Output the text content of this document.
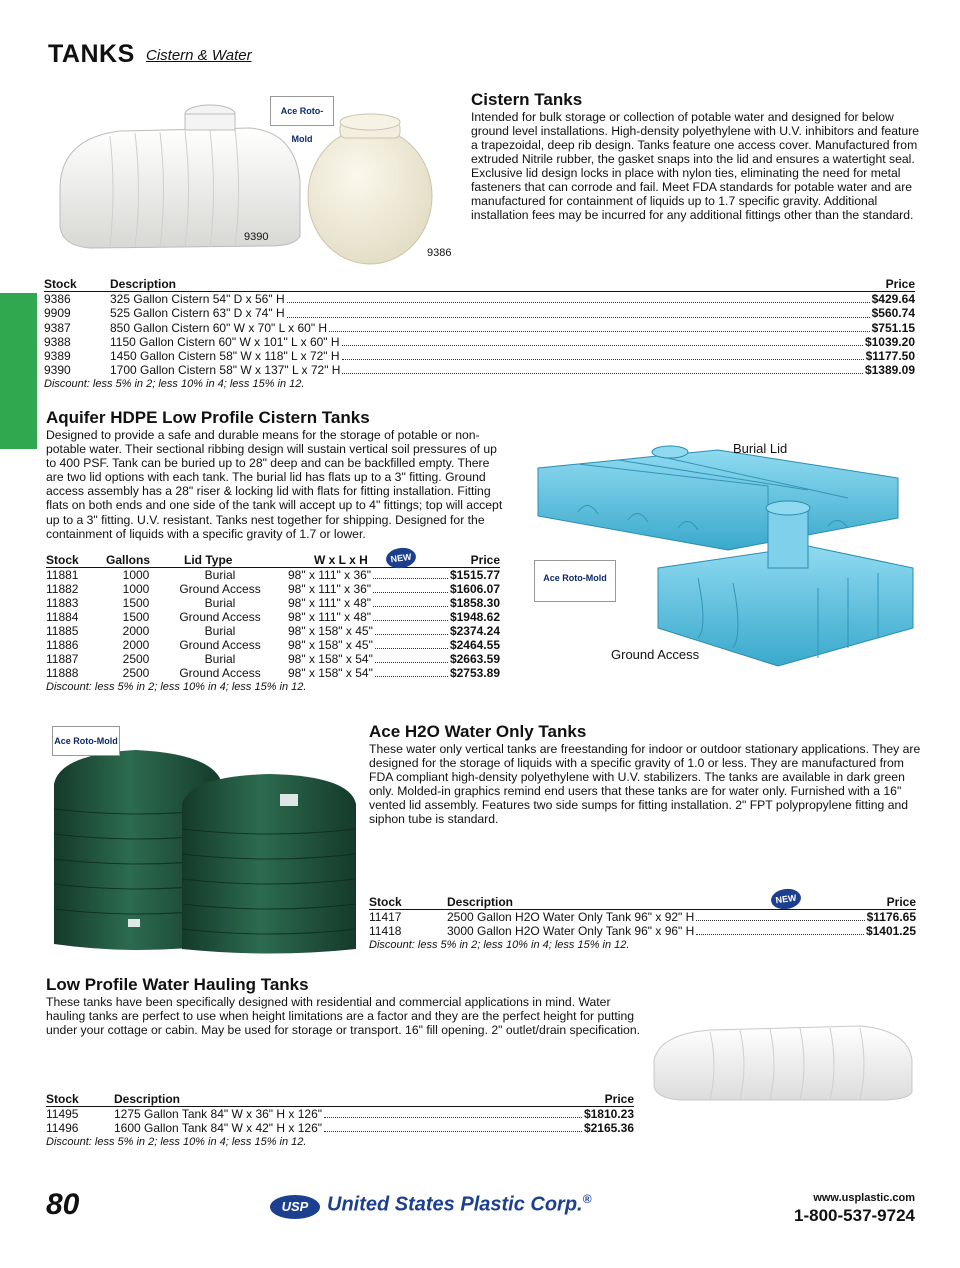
TANKS Cistern & Water
Ace Roto-Mold
9390
9386
Cistern Tanks

Intended for bulk storage or collection of potable water and designed for below ground level installations. High-density polyethylene with U.V. inhibitors and feature a trapezoidal, deep rib design. Tanks feature one access cover. Manufactured from extruded Nitrile rubber, the gasket snaps into the lid and ensures a watertight seal. Exclusive lid design locks in place with nylon ties, eliminating the need for metal fasteners that can corrode and fail. Meet FDA standards for potable water and are manufactured for containment of liquids up to 1.7 specific gravity. Additional installation fees may be incurred for any additional fittings other than the standard.

Stock	Description	Price
9386	325 Gallon Cistern 54" D x 56" H	$429.64
9909	525 Gallon Cistern 63" D x 74" H	$560.74
9387	850 Gallon Cistern 60" W x 70" L x 60" H	$751.15
9388	1150 Gallon Cistern 60" W x 101" L x 60" H	$1039.20
9389	1450 Gallon Cistern 58" W x 118" L x 72" H	$1177.50
9390	1700 Gallon Cistern 58" W x 137" L x 72" H	$1389.09
Discount: less 5% in 2; less 10% in 4; less 15% in 12.
Aquifer HDPE Low Profile Cistern Tanks

Designed to provide a safe and durable means for the storage of potable or non-potable water. Their sectional ribbing design will sustain vertical soil pressures of up to 400 PSF. Tank can be buried up to 28" deep and can be backfilled empty. There are two lid options with each tank. The burial lid has flats up to a 3" fitting. Ground access assembly has a 28" riser & locking lid with flats for fitting installation. Fitting flats on both ends and one side of the tank will accept up to 4" fittings; top will accept up to a 3" fitting. U.V. resistant. Tanks nest together for shipping. Designed for the containment of liquids with a specific gravity of 1.7 or lower.

Stock	Gallons	Lid Type	W x L x H	Price
NEW
11881	1000	Burial	98" x 111" x 36"	$1515.77
11882	1000	Ground Access	98" x 111" x 36"	$1606.07
11883	1500	Burial	98" x 111" x 48"	$1858.30
11884	1500	Ground Access	98" x 111" x 48"	$1948.62
11885	2000	Burial	98" x 158" x 45"	$2374.24
11886	2000	Ground Access	98" x 158" x 45"	$2464.55
11887	2500	Burial	98" x 158" x 54"	$2663.59
11888	2500	Ground Access	98" x 158" x 54"	$2753.89
Discount: less 5% in 2; less 10% in 4; less 15% in 12.
Burial Lid
Ground Access
Ace Roto-Mold
Ace Roto-Mold	Ace H2O Water Only Tanks

These water only vertical tanks are freestanding for indoor or outdoor stationary applications. They are designed for the storage of liquids with a specific gravity of 1.0 or less. They are manufactured from FDA compliant high-density polyethylene with U.V. stabilizers. The tanks are available in dark green only. Molded-in graphics remind end users that these tanks are for water only. Furnished with a 16" vented lid assembly. Features two side sumps for fitting installation. 2" FPT polypropylene fitting and siphon tube is standard.

Stock	Description	Price
NEW
11417	2500 Gallon H2O Water Only Tank 96" x 92" H	$1176.65
11418	3000 Gallon H2O Water Only Tank 96" x 96" H	$1401.25
Discount: less 5% in 2; less 10% in 4; less 15% in 12.
Low Profile Water Hauling Tanks

These tanks have been specifically designed with residential and commercial applications in mind. Water hauling tanks are perfect to use when height limitations are a factor and they are the perfect height for putting under your cottage or cabin. May be used for storage or transport. 16" fill opening. 2" outlet/drain specification.

Stock	Description	Price
11495	1275 Gallon Tank 84" W x 36" H x 126"	$1810.23
11496	1600 Gallon Tank 84" W x 42" H x 126"	$2165.36
Discount: less 5% in 2; less 10% in 4; less 15% in 12.
80	USP United States Plastic Corp.®	www.usplastic.com
1-800-537-9724
